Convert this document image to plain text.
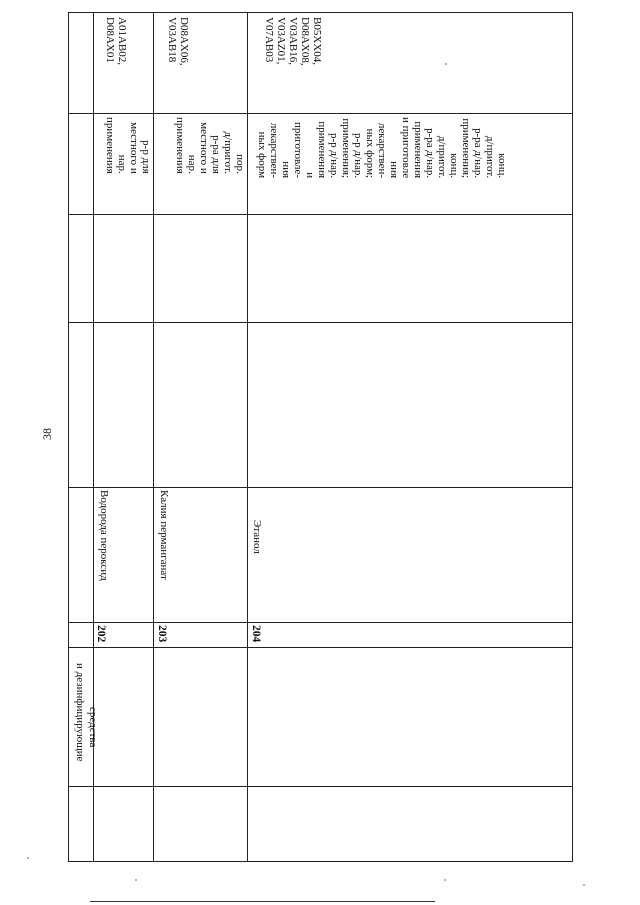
38
и дезинфицирующие средства
202
Водорода пероксид
р-р для
местного и
нар.
применения
A01AB02,
D08AX01
203
Калия перманганат
пор.
д/пригот.
р-ра для
местного и
нар.
применения
D08AX06,
V03AB18
204
Этанол
конц.
д/пригот.
р-ра д/нар.
применения;
конц.
д/пригот.
р-ра д/нар.
применения
и приготовле
ния
лекарствен-
ных форм;
р-р д/нар.
применения;
р-р д/нар.
применения
и
приготовле-
ния
лекарствен-
ных форм
B05XX04,
D08AX08,
V03AB16,
V03AZ01,
V07AB03
